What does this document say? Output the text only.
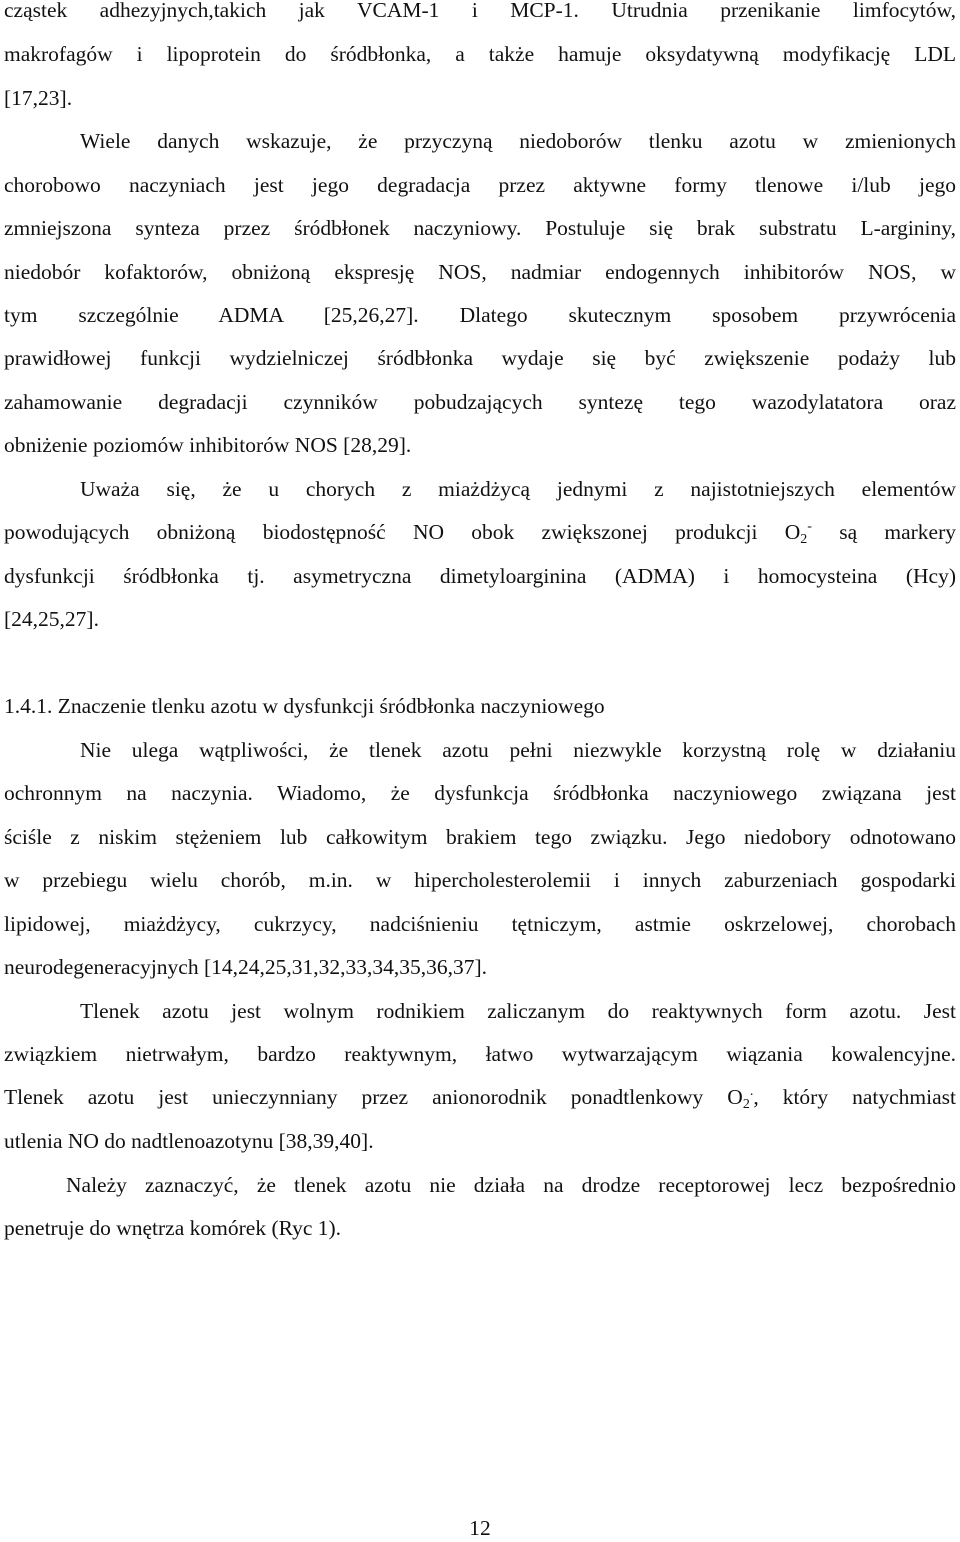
cząstek adhezyjnych,takich jak VCAM-1 i MCP-1. Utrudnia przenikanie limfocytów,

makrofagów i lipoprotein do śródbłonka, a także hamuje oksydatywną modyfikację LDL

[17,23].

Wiele danych wskazuje, że przyczyną niedoborów tlenku azotu w zmienionych

chorobowo naczyniach jest jego degradacja przez aktywne formy tlenowe i/lub jego

zmniejszona synteza przez śródbłonek naczyniowy. Postuluje się brak substratu L-argininy,

niedobór kofaktorów, obniżoną ekspresję NOS, nadmiar endogennych inhibitorów NOS, w

tym szczególnie ADMA [25,26,27]. Dlatego skutecznym sposobem przywrócenia

prawidłowej funkcji wydzielniczej śródbłonka wydaje się być zwiększenie podaży lub

zahamowanie degradacji czynników pobudzających syntezę tego wazodylatatora oraz

obniżenie poziomów inhibitorów NOS [28,29].

Uważa się, że u chorych z miażdżycą jednymi z najistotniejszych elementów

powodujących obniżoną biodostępność NO obok zwiększonej produkcji $O_2^-$ są markery

dysfunkcji śródbłonka tj. asymetryczna dimetyloarginina (ADMA) i homocysteina (Hcy)

[24,25,27].

1.4.1. Znaczenie tlenku azotu w dysfunkcji śródbłonka naczyniowego

Nie ulega wątpliwości, że tlenek azotu pełni niezwykle korzystną rolę w działaniu

ochronnym na naczynia. Wiadomo, że dysfunkcja śródbłonka naczyniowego związana jest

ściśle z niskim stężeniem lub całkowitym brakiem tego związku. Jego niedobory odnotowano

w przebiegu wielu chorób, m.in. w hipercholesterolemii i innych zaburzeniach gospodarki

lipidowej, miażdżycy, cukrzycy, nadciśnieniu tętniczym, astmie oskrzelowej, chorobach

neurodegeneracyjnych [14,24,25,31,32,33,34,35,36,37].

Tlenek azotu jest wolnym rodnikiem zaliczanym do reaktywnych form azotu. Jest

związkiem nietrwałym, bardzo reaktywnym, łatwo wytwarzającym wiązania kowalencyjne.

Tlenek azotu jest unieczynniany przez anionorodnik ponadtlenkowy $O_2^.$, który natychmiast

utlenia NO do nadtlenoazotynu [38,39,40].

Należy zaznaczyć, że tlenek azotu nie działa na drodze receptorowej lecz bezpośrednio

penetruje do wnętrza komórek (Ryc 1).

12
